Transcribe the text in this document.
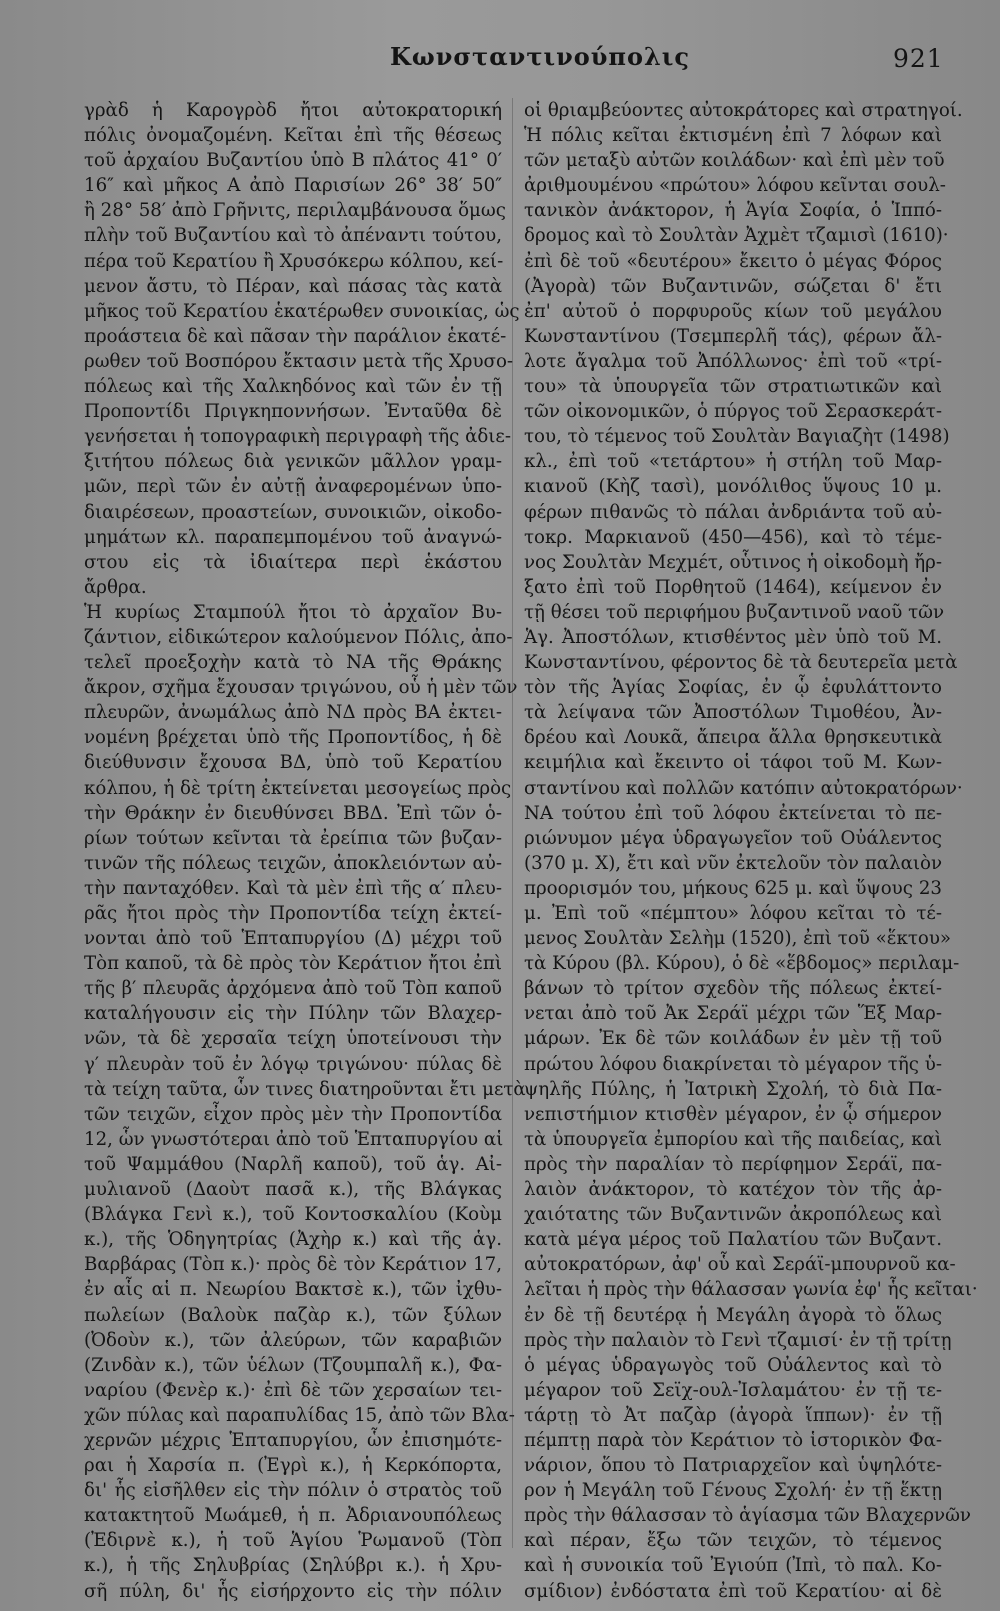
Κωνσταντινούπολις	921
γρὰδ ἡ Καρογρὸδ ἤτοι αὐτοκρατορική
πόλις ὀνομαζομένη. Κεῖται ἐπὶ τῆς θέσεως
τοῦ ἀρχαίου Βυζαντίου ὑπὸ Β πλάτος 41° 0′
16″ καὶ μῆκος Α ἀπὸ Παρισίων 26° 38′ 50″
ἢ 28° 58′ ἀπὸ Γρῆνιτς, περιλαμβάνουσα ὅμως
πλὴν τοῦ Βυζαντίου καὶ τὸ ἀπέναντι τούτου,
πέρα τοῦ Κερατίου ἢ Χρυσόκερω κόλπου, κεί-
μενον ἄστυ, τὸ Πέραν, καὶ πάσας τὰς κατὰ
μῆκος τοῦ Κερατίου ἑκατέρωθεν συνοικίας, ὡς
προάστεια δὲ καὶ πᾶσαν τὴν παράλιον ἑκατέ-
ρωθεν τοῦ Βοσπόρου ἔκτασιν μετὰ τῆς Χρυσο-
πόλεως καὶ τῆς Χαλκηδόνος καὶ τῶν ἐν τῇ
Προποντίδι Πριγκηποννήσων. Ἐνταῦθα δὲ
γενήσεται ἡ τοπογραφικὴ περιγραφὴ τῆς ἀδιε-
ξιτήτου πόλεως διὰ γενικῶν μᾶλλον γραμ-
μῶν, περὶ τῶν ἐν αὐτῇ ἀναφερομένων ὑπο-
διαιρέσεων, προαστείων, συνοικιῶν, οἰκοδο-
μημάτων κλ. παραπεμπομένου τοῦ ἀναγνώ-
στου εἰς τὰ ἰδιαίτερα περὶ ἑκάστου
ἄρθρα.
Ἡ κυρίως Σταμπούλ ἤτοι τὸ ἀρχαῖον Βυ-
ζάντιον, εἰδικώτερον καλούμενον Πόλις, ἀπο-
τελεῖ προεξοχὴν κατὰ τὸ ΝΑ τῆς Θράκης
ἄκρον, σχῆμα ἔχουσαν τριγώνου, οὗ ἡ μὲν τῶν
πλευρῶν, ἀνωμάλως ἀπὸ ΝΔ πρὸς ΒΑ ἐκτει-
νομένη βρέχεται ὑπὸ τῆς Προποντίδος, ἡ δὲ
διεύθυνσιν ἔχουσα ΒΔ, ὑπὸ τοῦ Κερατίου
κόλπου, ἡ δὲ τρίτη ἐκτείνεται μεσογείως πρὸς
τὴν Θράκην ἐν διευθύνσει ΒΒΔ. Ἐπὶ τῶν ὁ-
ρίων τούτων κεῖνται τὰ ἐρείπια τῶν βυζαν-
τινῶν τῆς πόλεως τειχῶν, ἀποκλειόντων αὐ-
τὴν πανταχόθεν. Καὶ τὰ μὲν ἐπὶ τῆς α′ πλευ-
ρᾶς ἤτοι πρὸς τὴν Προποντίδα τείχη ἐκτεί-
νονται ἀπὸ τοῦ Ἑπταπυργίου (Δ) μέχρι τοῦ
Τὸπ καποῦ, τὰ δὲ πρὸς τὸν Κεράτιον ἤτοι ἐπὶ
τῆς β′ πλευρᾶς ἀρχόμενα ἀπὸ τοῦ Τὸπ καποῦ
καταλήγουσιν εἰς τὴν Πύλην τῶν Βλαχερ-
νῶν, τὰ δὲ χερσαῖα τείχη ὑποτείνουσι τὴν
γ′ πλευρὰν τοῦ ἐν λόγῳ τριγώνου· πύλας δὲ
τὰ τείχη ταῦτα, ὧν τινες διατηροῦνται ἔτι μετὰ
τῶν τειχῶν, εἶχον πρὸς μὲν τὴν Προποντίδα
12, ὧν γνωστότεραι ἀπὸ τοῦ Ἑπταπυργίου αἱ
τοῦ Ψαμμάθου (Ναρλῆ καποῦ), τοῦ ἁγ. Αἰ-
μυλιανοῦ (Δαοὺτ πασᾶ κ.), τῆς Βλάγκας
(Βλάγκα Γενὶ κ.), τοῦ Κοντοσκαλίου (Κοὺμ
κ.), τῆς Ὁδηγητρίας (Ἀχὴρ κ.) καὶ τῆς ἁγ.
Βαρβάρας (Τὸπ κ.)· πρὸς δὲ τὸν Κεράτιον 17,
ἐν αἷς αἱ π. Νεωρίου Βακτσὲ κ.), τῶν ἰχθυ-
πωλείων (Βαλοὺκ παζὰρ κ.), τῶν ξύλων
(Ὀδοὺν κ.), τῶν ἀλεύρων, τῶν καραβιῶν
(Ζινδὰν κ.), τῶν ὑέλων (Τζουμπαλῆ κ.), Φα-
ναρίου (Φενὲρ κ.)· ἐπὶ δὲ τῶν χερσαίων τει-
χῶν πύλας καὶ παραπυλίδας 15, ἀπὸ τῶν Βλα-
χερνῶν μέχρις Ἑπταπυργίου, ὧν ἐπισημότε-
ραι ἡ Χαρσία π. (Ἐγρὶ κ.), ἡ Κερκόπορτα,
δι' ἧς εἰσῆλθεν εἰς τὴν πόλιν ὁ στρατὸς τοῦ
κατακτητοῦ Μωάμεθ, ἡ π. Ἀδριανουπόλεως
(Ἐδιρνὲ κ.), ἡ τοῦ Ἁγίου Ῥωμανοῦ (Τὸπ
κ.), ἡ τῆς Σηλυβρίας (Σηλύβρι κ.). ἡ Χρυ-
σῆ πύλη, δι' ἧς εἰσήρχοντο εἰς τὴν πόλιν
οἱ θριαμβεύοντες αὐτοκράτορες καὶ στρατηγοί.
Ἡ πόλις κεῖται ἐκτισμένη ἐπὶ 7 λόφων καὶ
τῶν μεταξὺ αὐτῶν κοιλάδων· καὶ ἐπὶ μὲν τοῦ
ἀριθμουμένου «πρώτου» λόφου κεῖνται σουλ-
τανικὸν ἀνάκτορον, ἡ Ἁγία Σοφία, ὁ Ἱππό-
δρομος καὶ τὸ Σουλτὰν Ἀχμὲτ τζαμισὶ (1610)·
ἐπὶ δὲ τοῦ «δευτέρου» ἔκειτο ὁ μέγας Φόρος
(Ἀγορὰ) τῶν Βυζαντινῶν, σώζεται δ' ἔτι
ἐπ' αὐτοῦ ὁ πορφυροῦς κίων τοῦ μεγάλου
Κωνσταντίνου (Τσεμπερλῆ τάς), φέρων ἄλ-
λοτε ἄγαλμα τοῦ Ἀπόλλωνος· ἐπὶ τοῦ «τρί-
του» τὰ ὑπουργεῖα τῶν στρατιωτικῶν καὶ
τῶν οἰκονομικῶν, ὁ πύργος τοῦ Σερασκεράτ-
του, τὸ τέμενος τοῦ Σουλτὰν Βαγιαζὴτ (1498)
κλ., ἐπὶ τοῦ «τετάρτου» ἡ στήλη τοῦ Μαρ-
κιανοῦ (Κὴζ τασὶ), μονόλιθος ὕψους 10 μ.
φέρων πιθανῶς τὸ πάλαι ἀνδριάντα τοῦ αὐ-
τοκρ. Μαρκιανοῦ (450—456), καὶ τὸ τέμε-
νος Σουλτὰν Μεχμέτ, οὗτινος ἡ οἰκοδομὴ ἤρ-
ξατο ἐπὶ τοῦ Πορθητοῦ (1464), κείμενον ἐν
τῇ θέσει τοῦ περιφήμου βυζαντινοῦ ναοῦ τῶν
Ἁγ. Ἀποστόλων, κτισθέντος μὲν ὑπὸ τοῦ Μ.
Κωνσταντίνου, φέροντος δὲ τὰ δευτερεῖα μετὰ
τὸν τῆς Ἁγίας Σοφίας, ἐν ᾧ ἐφυλάττοντο
τὰ λείψανα τῶν Ἀποστόλων Τιμοθέου, Ἀν-
δρέου καὶ Λουκᾶ, ἄπειρα ἄλλα θρησκευτικὰ
κειμήλια καὶ ἔκειντο οἱ τάφοι τοῦ Μ. Κων-
σταντίνου καὶ πολλῶν κατόπιν αὐτοκρατόρων·
ΝΑ τούτου ἐπὶ τοῦ λόφου ἐκτείνεται τὸ πε-
ριώνυμον μέγα ὑδραγωγεῖον τοῦ Οὐάλεντος
(370 μ. Χ), ἔτι καὶ νῦν ἐκτελοῦν τὸν παλαιὸν
προορισμόν του, μήκους 625 μ. καὶ ὕψους 23
μ. Ἐπὶ τοῦ «πέμπτου» λόφου κεῖται τὸ τέ-
μενος Σουλτὰν Σελὴμ (1520), ἐπὶ τοῦ «ἕκτου»
τὰ Κύρου (βλ. Κύρου), ὁ δὲ «ἕβδομος» περιλαμ-
βάνων τὸ τρίτον σχεδὸν τῆς πόλεως ἐκτεί-
νεται ἀπὸ τοῦ Ἀκ Σεράϊ μέχρι τῶν Ἕξ Μαρ-
μάρων. Ἐκ δὲ τῶν κοιλάδων ἐν μὲν τῇ τοῦ
πρώτου λόφου διακρίνεται τὸ μέγαρον τῆς ὑ-
ψηλῆς Πύλης, ἡ Ἰατρικὴ Σχολή, τὸ διὰ Πα-
νεπιστήμιον κτισθὲν μέγαρον, ἐν ᾧ σήμερον
τὰ ὑπουργεῖα ἐμπορίου καὶ τῆς παιδείας, καὶ
πρὸς τὴν παραλίαν τὸ περίφημον Σεράϊ, πα-
λαιὸν ἀνάκτορον, τὸ κατέχον τὸν τῆς ἀρ-
χαιότατης τῶν Βυζαντινῶν ἀκροπόλεως καὶ
κατὰ μέγα μέρος τοῦ Παλατίου τῶν Βυζαντ.
αὐτοκρατόρων, ἀφ' οὗ καὶ Σεράϊ-μπουρνοῦ κα-
λεῖται ἡ πρὸς τὴν θάλασσαν γωνία ἐφ' ἧς κεῖται·
ἐν δὲ τῇ δευτέρᾳ ἡ Μεγάλη ἀγορὰ τὸ ὅλως
πρὸς τὴν παλαιὸν τὸ Γενὶ τζαμισί· ἐν τῇ τρίτῃ
ὁ μέγας ὑδραγωγὸς τοῦ Οὐάλεντος καὶ τὸ
μέγαρον τοῦ Σεϊχ-ουλ-Ἰσλαμάτου· ἐν τῇ τε-
τάρτῃ τὸ Ἀτ παζὰρ (ἀγορὰ ἵππων)· ἐν τῇ
πέμπτῃ παρὰ τὸν Κεράτιον τὸ ἱστορικὸν Φα-
νάριον, ὅπου τὸ Πατριαρχεῖον καὶ ὑψηλότε-
ρον ἡ Μεγάλη τοῦ Γένους Σχολή· ἐν τῇ ἕκτῃ
πρὸς τὴν θάλασσαν τὸ ἁγίασμα τῶν Βλαχερνῶν
καὶ πέραν, ἔξω τῶν τειχῶν, τὸ τέμενος
καὶ ἡ συνοικία τοῦ Ἐγιούπ (Ἰπὶ, τὸ παλ. Κο-
σμίδιον) ἐνδόστατα ἐπὶ τοῦ Κερατίου· αἱ δὲ
